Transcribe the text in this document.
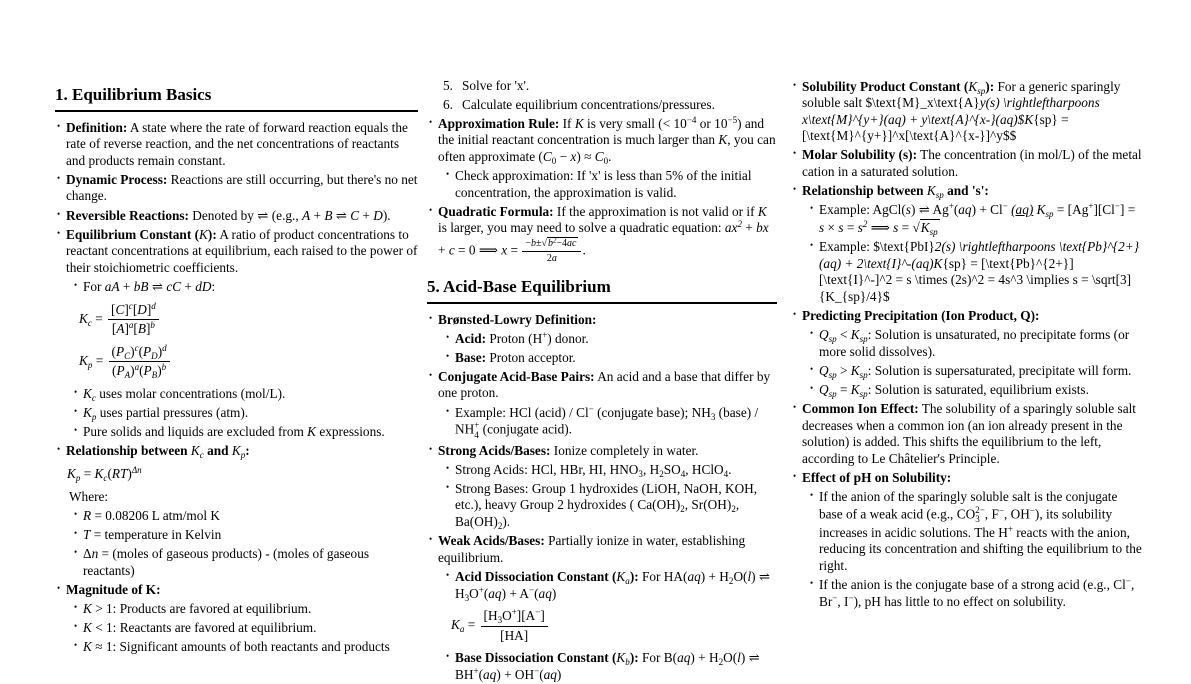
1. Equilibrium Basics
• Definition: A state where the rate of forward reaction equals the rate of reverse reaction, and the net concentrations of reactants and products remain constant.
• Dynamic Process: Reactions are still occurring, but there's no net change.
• Reversible Reactions: Denoted by ⇌ (e.g., A + B ⇌ C + D).
• Equilibrium Constant (K): A ratio of product concentrations to reactant concentrations at equilibrium, each raised to the power of their stoichiometric coefficients.
• For aA + bB ⇌ cC + dD:
$K_c = \frac{[C]^c[D]^d}{[A]^a[B]^b}$
$K_p = \frac{(P_C)^c(P_D)^d}{(P_A)^a(P_B)^b}$
• $K_c$ uses molar concentrations (mol/L).
• $K_p$ uses partial pressures (atm).
• Pure solids and liquids are excluded from K expressions.
• Relationship between $K_c$ and $K_p$:
$K_p = K_c(RT)^{\Delta n}$
Where:
• R = 0.08206 L atm/mol K
• T = temperature in Kelvin
• Δn = (moles of gaseous products) - (moles of gaseous reactants)
• Magnitude of K:
• K > 1: Products are favored at equilibrium.
• K < 1: Reactants are favored at equilibrium.
• K ≈ 1: Significant amounts of both reactants and products
5. Solve for 'x'.
6. Calculate equilibrium concentrations/pressures.
• Approximation Rule: If K is very small (< $10^{-4}$ or $10^{-5}$) and the initial reactant concentration is much larger than K, you can often approximate $(C_0 - x) \approx C_0$.
• Check approximation: If 'x' is less than 5% of the initial concentration, the approximation is valid.
• Quadratic Formula: If the approximation is not valid or if K is larger, you may need to solve a quadratic equation: $ax^2$ + bx + c = 0 ⟹ $x = \frac{-b\pm√b^2-4ac}{2a}$ .
5. Acid-Base Equilibrium
• Brønsted-Lowry Definition:
• Acid: Proton (H+) donor.
• Base: Proton acceptor.
• Conjugate Acid-Base Pairs: An acid and a base that differ by one proton.
• Example: HCl (acid) / Cl− (conjugate base); $NH_3$ (base) / NH +
4 (conjugate acid).
• Strong Acids/Bases: Ionize completely in water.
• Strong Acids: HCl, HBr, HI, $HNO_3$, $H_2SO_4$, HClO$_4$.
• Strong Bases: Group 1 hydroxides (LiOH, NaOH, KOH, etc.), heavy Group 2 hydroxides ( $Ca(OH)_2$, $Sr(OH)_2$, $Ba(OH)_2$).
• Weak Acids/Bases: Partially ionize in water, establishing equilibrium.
• Acid Dissociation Constant $(K_a)$: For $HA(aq) + H_2O(l)$ ⇌ $H_3O^+(aq) + A^-(aq)$
$K_a = \frac{[H_3O^+][A^-]}{[HA]}$
• Base Dissociation Constant $(K_b)$: For $B(aq) + H_2O(l)$ ⇌ BH+(aq) + OH−(aq)
• Solubility Product Constant $(K_{sp})$: For a generic sparingly soluble salt $\text{M}_x\text{A}y(s) \rightleftharpoons x\text{M}^{y+}(aq) + y\text{A}^{x-}(aq)$K{sp} = [\text{M}^{y+}]^x[\text{A}^{x-}]^y$$
• Molar Solubility (s): The concentration (in mol/L) of the metal cation in a saturated solution.
• Relationship between $K_{sp}$ and 's':
• Example: AgCl(s) ⇌ Ag+(aq) + Cl− (aq) $K_{sp} = [Ag^+][Cl^-] = s \times s = s^2$ ⟹ $s = √K_{sp}$
• Example: $\text{PbI}2(s) \rightleftharpoons \text{Pb}^{2+}(aq) + 2\text{I}^-(aq)K{sp} = [\text{Pb}^{2+}][\text{I}^-]^2 = s \times (2s)^2 = 4s^3 \implies s = \sqrt[3]{K_{sp}/4}$
• Predicting Precipitation (Ion Product, Q):
• $Q_{sp} < K_{sp}$: Solution is unsaturated, no precipitate forms (or more solid dissolves).
• $Q_{sp} > K_{sp}$: Solution is supersaturated, precipitate will form.
• $Q_{sp} = K_{sp}$: Solution is saturated, equilibrium exists.
• Common Ion Effect: The solubility of a sparingly soluble salt decreases when a common ion (an ion already present in the solution) is added. This shifts the equilibrium to the left, according to Le Châtelier's Principle.
• Effect of pH on Solubility:
• If the anion of the sparingly soluble salt is the conjugate base of a weak acid (e.g., CO 2−
3 , F−, OH−), its solubility increases in acidic solutions. The H+ reacts with the anion, reducing its concentration and shifting the equilibrium to the right.
• If the anion is the conjugate base of a strong acid (e.g., Cl−, Br−, I−), pH has little to no effect on solubility.
